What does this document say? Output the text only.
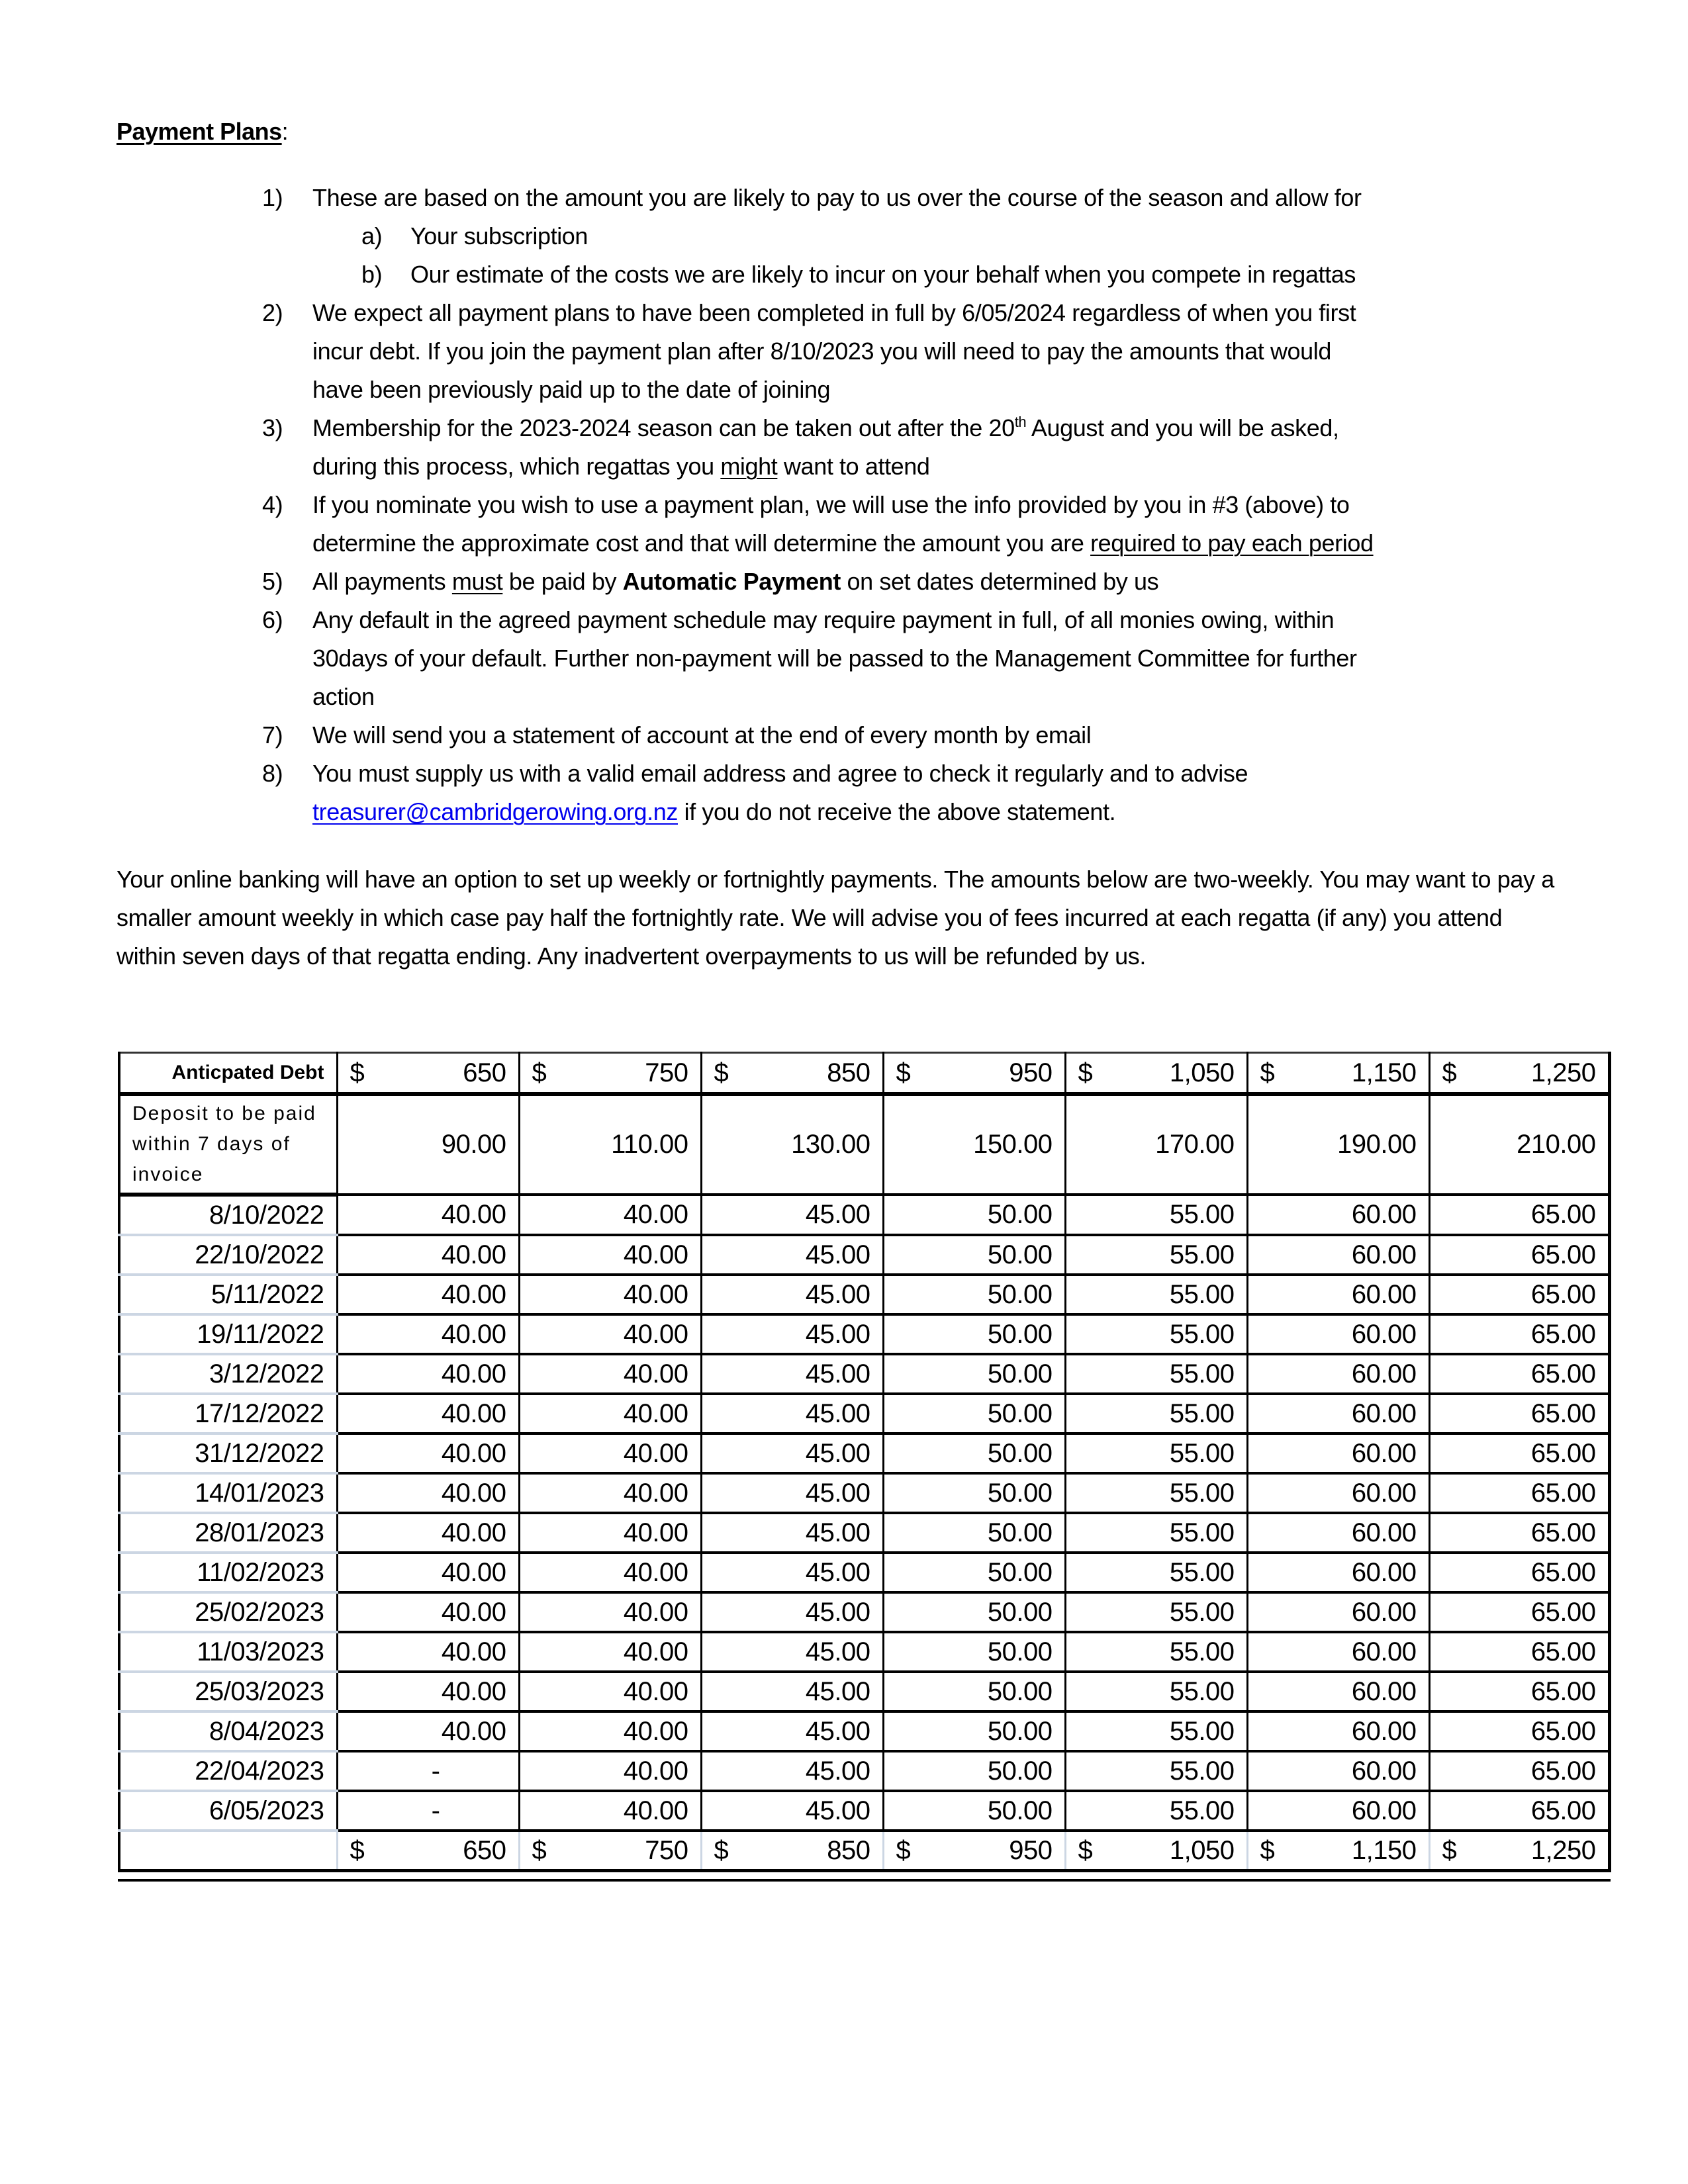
Payment Plans:
1) These are based on the amount you are likely to pay to us over the course of the season and allow for
a) Your subscription
b) Our estimate of the costs we are likely to incur on your behalf when you compete in regattas
2) We expect all payment plans to have been completed in full by 6/05/2024 regardless of when you first
incur debt. If you join the payment plan after 8/10/2023 you will need to pay the amounts that would
have been previously paid up to the date of joining
3) Membership for the 2023-2024 season can be taken out after the 20th August and you will be asked,
during this process, which regattas you might want to attend
4) If you nominate you wish to use a payment plan, we will use the info provided by you in #3 (above) to
determine the approximate cost and that will determine the amount you are required to pay each period
5) All payments must be paid by Automatic Payment on set dates determined by us
6) Any default in the agreed payment schedule may require payment in full, of all monies owing, within
30days of your default. Further non-payment will be passed to the Management Committee for further
action
7) We will send you a statement of account at the end of every month by email
8) You must supply us with a valid email address and agree to check it regularly and to advise
treasurer@cambridgerowing.org.nz if you do not receive the above statement.
Your online banking will have an option to set up weekly or fortnightly payments. The amounts below are two-weekly. You may want to pay a smaller amount weekly in which case pay half the fortnightly rate. We will advise you of fees incurred at each regatta (if any) you attend within seven days of that regatta ending. Any inadvertent overpayments to us will be refunded by us.
Anticpated Debt	$ 650	$ 750	$ 850	$ 950	$ 1,050	$ 1,150	$ 1,250

Deposit to be paid within 7 days of invoice	90.00	110.00	130.00	150.00	170.00	190.00	210.00
8/10/2022	40.00	40.00	45.00	50.00	55.00	60.00	65.00
22/10/2022	40.00	40.00	45.00	50.00	55.00	60.00	65.00
5/11/2022	40.00	40.00	45.00	50.00	55.00	60.00	65.00
19/11/2022	40.00	40.00	45.00	50.00	55.00	60.00	65.00
3/12/2022	40.00	40.00	45.00	50.00	55.00	60.00	65.00
17/12/2022	40.00	40.00	45.00	50.00	55.00	60.00	65.00
31/12/2022	40.00	40.00	45.00	50.00	55.00	60.00	65.00
14/01/2023	40.00	40.00	45.00	50.00	55.00	60.00	65.00
28/01/2023	40.00	40.00	45.00	50.00	55.00	60.00	65.00
11/02/2023	40.00	40.00	45.00	50.00	55.00	60.00	65.00
25/02/2023	40.00	40.00	45.00	50.00	55.00	60.00	65.00
11/03/2023	40.00	40.00	45.00	50.00	55.00	60.00	65.00
25/03/2023	40.00	40.00	45.00	50.00	55.00	60.00	65.00
8/04/2023	40.00	40.00	45.00	50.00	55.00	60.00	65.00
22/04/2023	-	40.00	45.00	50.00	55.00	60.00	65.00
6/05/2023	-	40.00	45.00	50.00	55.00	60.00	65.00

	$ 650	$ 750	$ 850	$ 950	$ 1,050	$ 1,150	$ 1,250
